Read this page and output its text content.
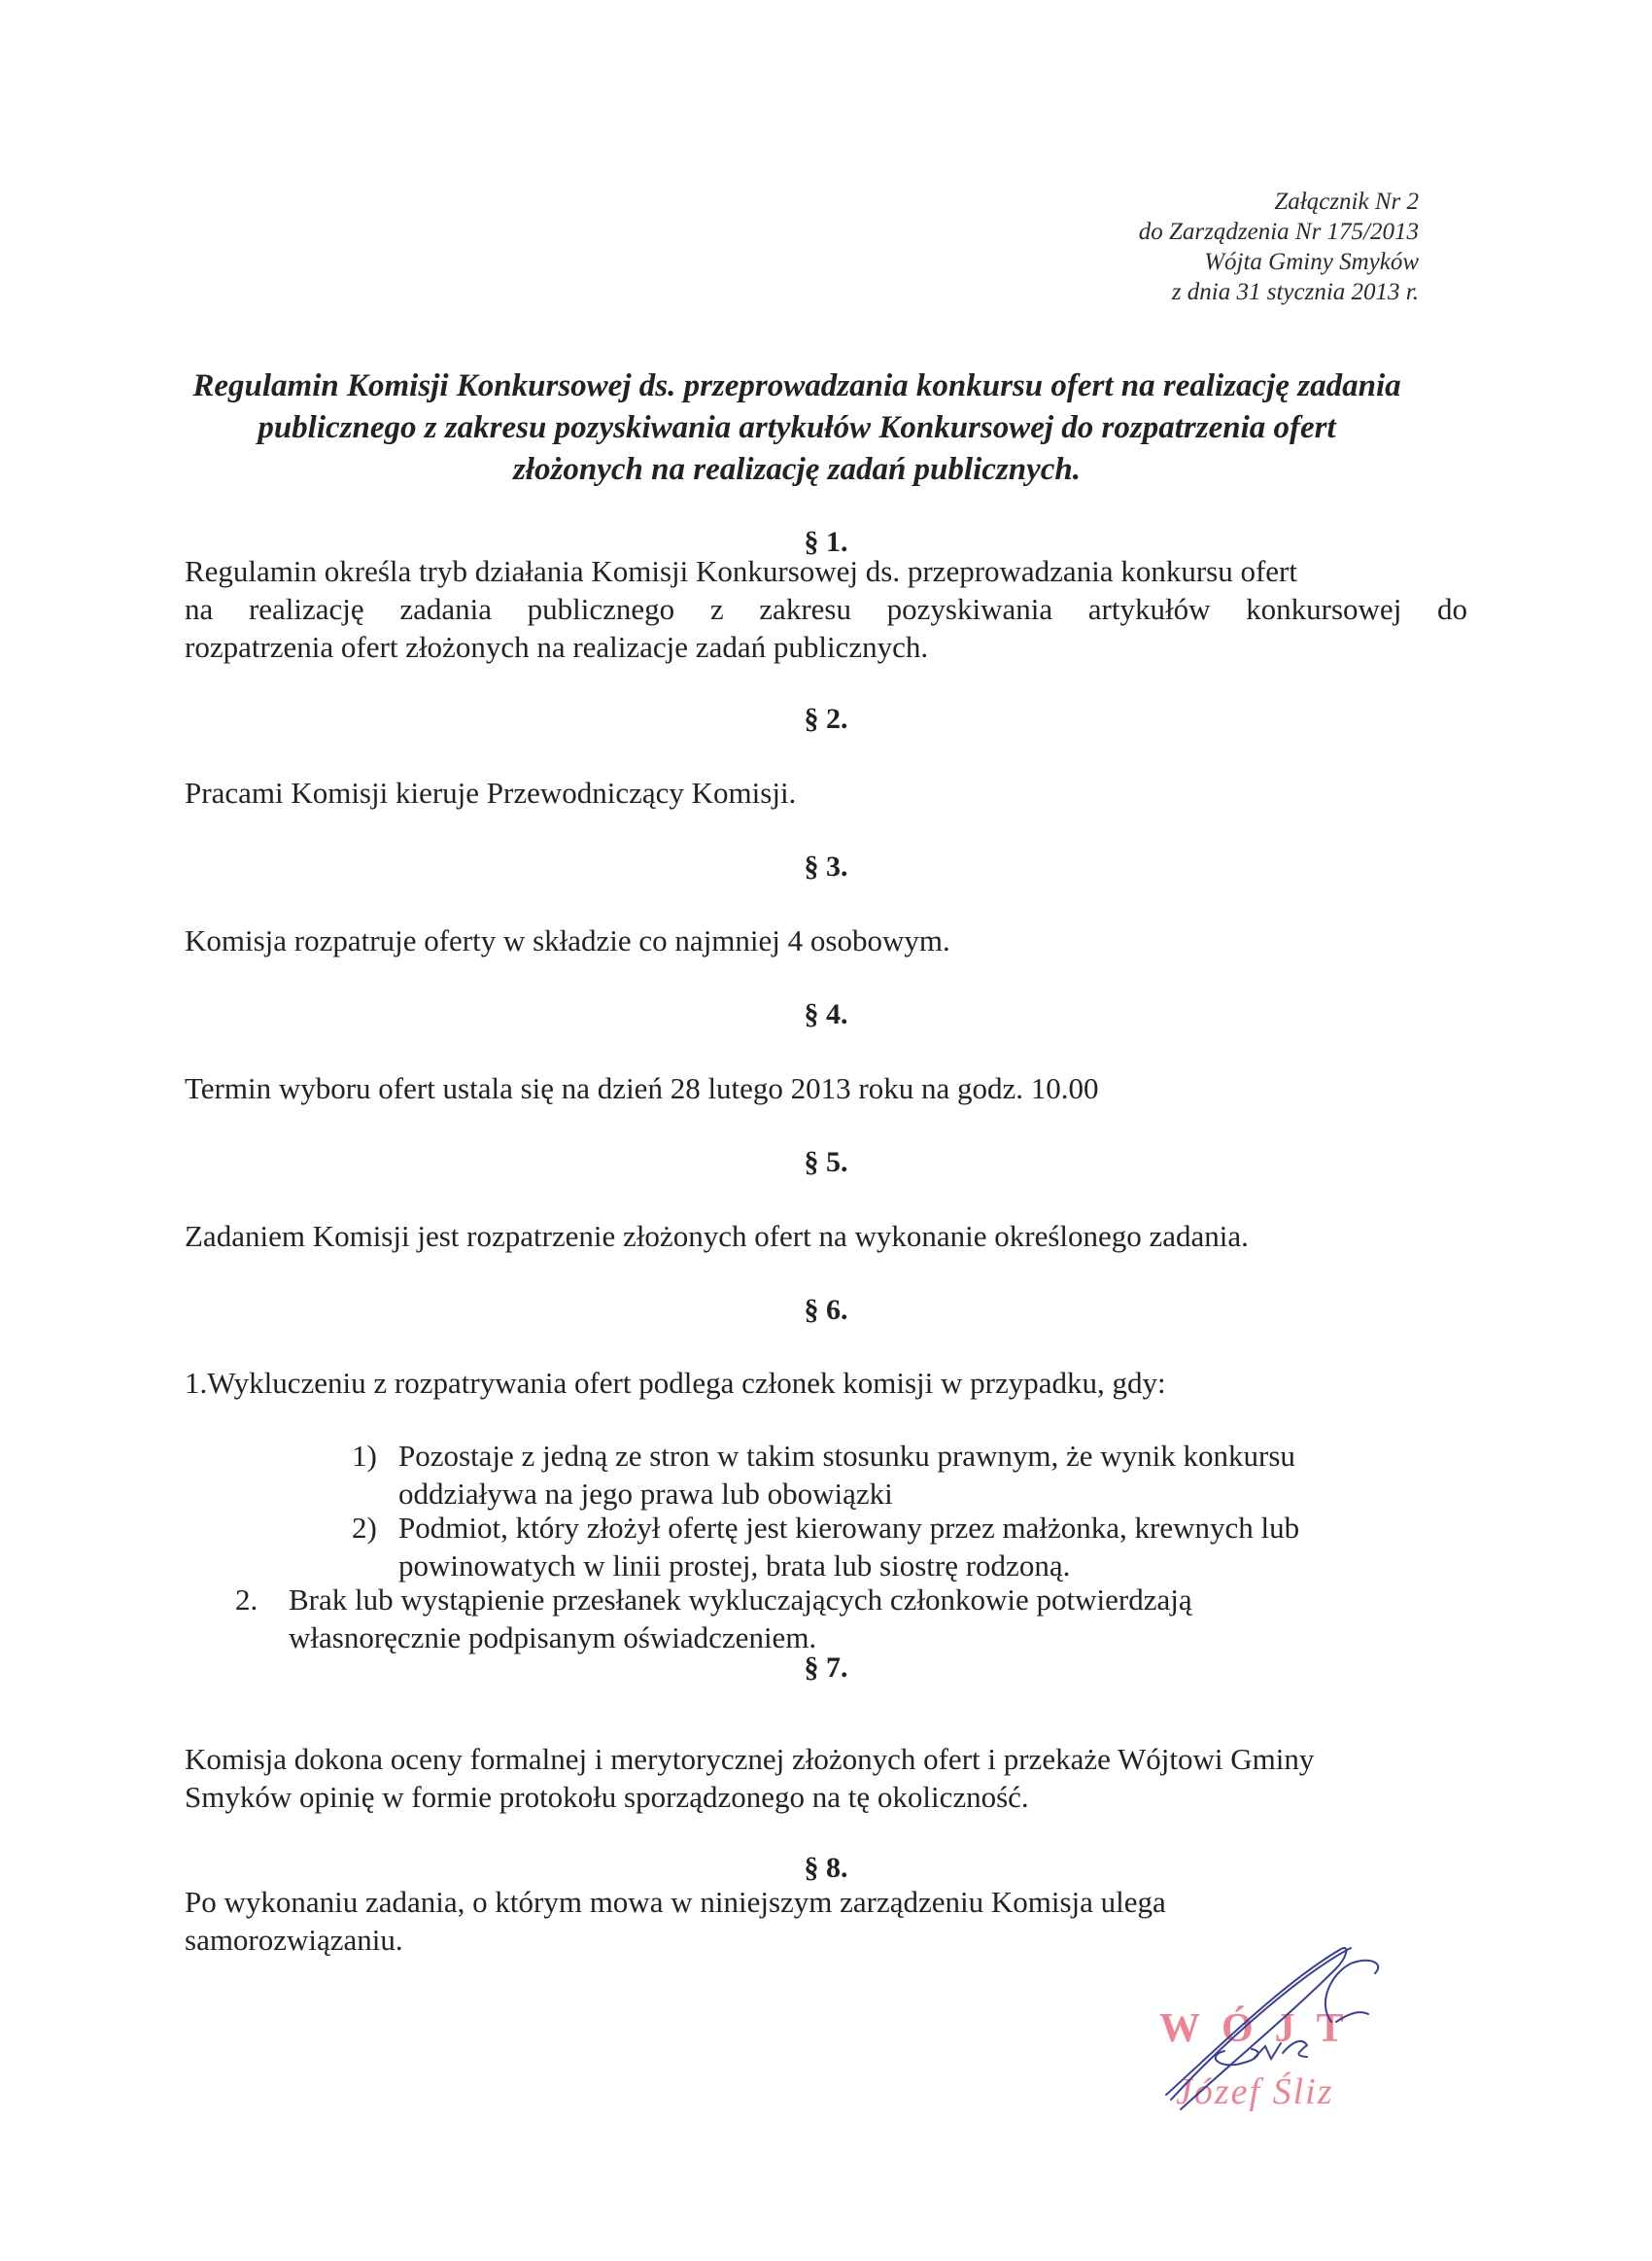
Załącznik Nr 2
do Zarządzenia Nr 175/2013
Wójta Gminy Smyków
z dnia 31 stycznia 2013 r.
Regulamin Komisji Konkursowej ds. przeprowadzania konkursu ofert na realizację zadania
publicznego z zakresu pozyskiwania artykułów Konkursowej do rozpatrzenia ofert
złożonych na realizację zadań publicznych.
§ 1.
Regulamin określa tryb działania Komisji Konkursowej ds. przeprowadzania konkursu ofert
na realizację zadania publicznego z zakresu pozyskiwania artykułów konkursowej do
rozpatrzenia ofert złożonych na realizacje zadań publicznych.
§ 2.
Pracami Komisji kieruje Przewodniczący Komisji.
§ 3.
Komisja rozpatruje oferty w składzie co najmniej 4 osobowym.
§ 4.
Termin wyboru ofert ustala się na dzień 28 lutego 2013 roku na godz. 10.00
§ 5.
Zadaniem Komisji jest rozpatrzenie złożonych ofert na wykonanie określonego zadania.
§ 6.
1.Wykluczeniu z rozpatrywania ofert podlega członek komisji w przypadku, gdy:
1) Pozostaje z jedną ze stron w takim stosunku prawnym, że wynik konkursu
oddziaływa na jego prawa lub obowiązki
2) Podmiot, który złożył ofertę jest kierowany przez małżonka, krewnych lub
powinowatych w linii prostej, brata lub siostrę rodzoną.
2. Brak lub wystąpienie przesłanek wykluczających członkowie potwierdzają
własnoręcznie podpisanym oświadczeniem.
§ 7.
Komisja dokona oceny formalnej i merytorycznej złożonych ofert i przekaże Wójtowi Gminy
Smyków opinię w formie protokołu sporządzonego na tę okoliczność.
§ 8.
Po wykonaniu zadania, o którym mowa w niniejszym zarządzeniu Komisja ulega
samorozwiązaniu.
WÓJT
Józef Śliz
